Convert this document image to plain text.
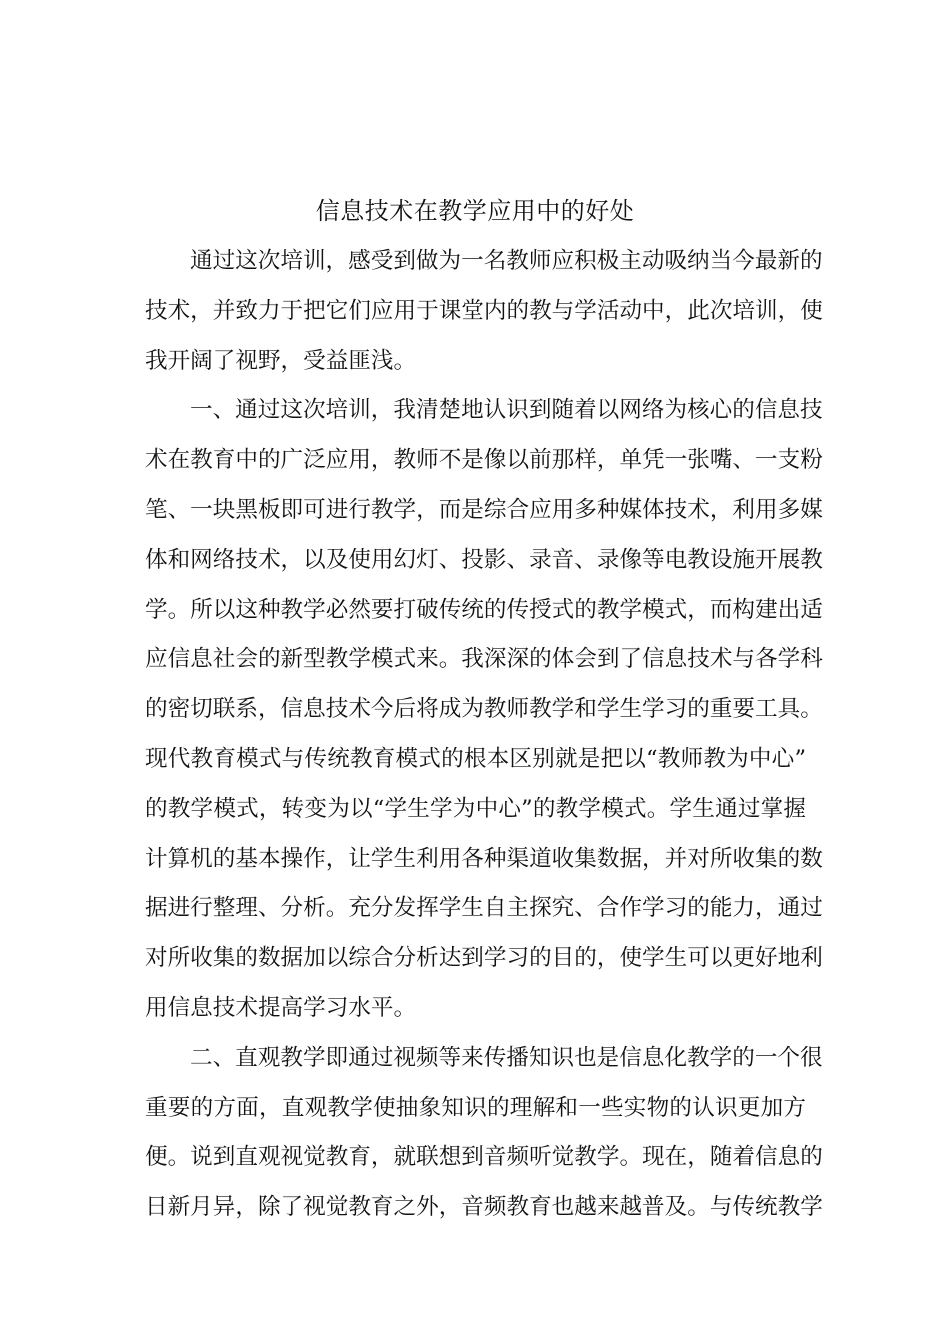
信息技术在教学应用中的好处
通过这次培训，感受到做为一名教师应积极主动吸纳当今最新的
技术，并致力于把它们应用于课堂内的教与学活动中，此次培训，使
我开阔了视野，受益匪浅。
一、通过这次培训，我清楚地认识到随着以网络为核心的信息技
术在教育中的广泛应用，教师不是像以前那样，单凭一张嘴、一支粉
笔、一块黑板即可进行教学，而是综合应用多种媒体技术，利用多媒
体和网络技术，以及使用幻灯、投影、录音、录像等电教设施开展教
学。所以这种教学必然要打破传统的传授式的教学模式，而构建出适
应信息社会的新型教学模式来。我深深的体会到了信息技术与各学科
的密切联系，信息技术今后将成为教师教学和学生学习的重要工具。
现代教育模式与传统教育模式的根本区别就是把以“教师教为中心”
的教学模式，转变为以“学生学为中心”的教学模式。学生通过掌握
计算机的基本操作，让学生利用各种渠道收集数据，并对所收集的数
据进行整理、分析。充分发挥学生自主探究、合作学习的能力，通过
对所收集的数据加以综合分析达到学习的目的，使学生可以更好地利
用信息技术提高学习水平。
二、直观教学即通过视频等来传播知识也是信息化教学的一个很
重要的方面，直观教学使抽象知识的理解和一些实物的认识更加方
便。说到直观视觉教育，就联想到音频听觉教学。现在，随着信息的
日新月异，除了视觉教育之外，音频教育也越来越普及。与传统教学
